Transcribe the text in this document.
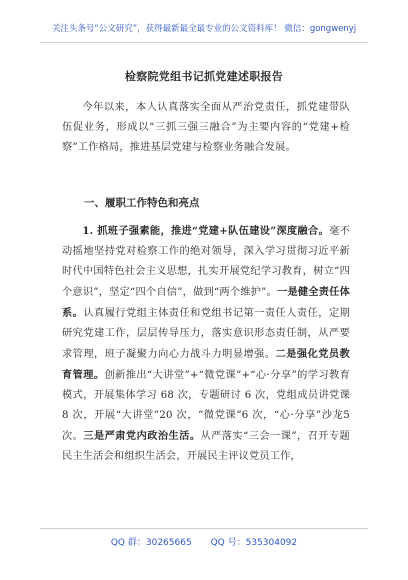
关注头条号“公文研究”，获得最新最全最专业的公文资料库！ 微信：gongwenyj
检察院党组书记抓党建述职报告
今年以来，本人认真落实全面从严治党责任，抓党建带队伍促业务，形成以“三抓三强三融合”为主要内容的“党建+检察”工作格局，推进基层党建与检察业务融合发展。
一、履职工作特色和亮点
1. 抓班子强素能，推进“党建+队伍建设”深度融合。毫不动摇地坚持党对检察工作的绝对领导，深入学习贯彻习近平新时代中国特色社会主义思想，扎实开展党纪学习教育，树立“四个意识”，坚定“四个自信”，做到“两个维护”。一是健全责任体系。认真履行党组主体责任和党组书记第一责任人责任，定期研究党建工作，层层传导压力，落实意识形态责任制，从严要求管理，班子凝聚力向心力战斗力明显增强。二是强化党员教育管理。创新推出“大讲堂”+“微党课”+“心·分享”的学习教育模式，开展集体学习 68 次，专题研讨 6 次，党组成员讲党课 8 次，开展“大讲堂”20 次，“微党课”6 次，“心·分享”沙龙5次。三是严肃党内政治生活。从严落实“三会一课”，召开专题民主生活会和组织生活会，开展民主评议党员工作，
QQ 群：30265665 QQ 号：535304092
